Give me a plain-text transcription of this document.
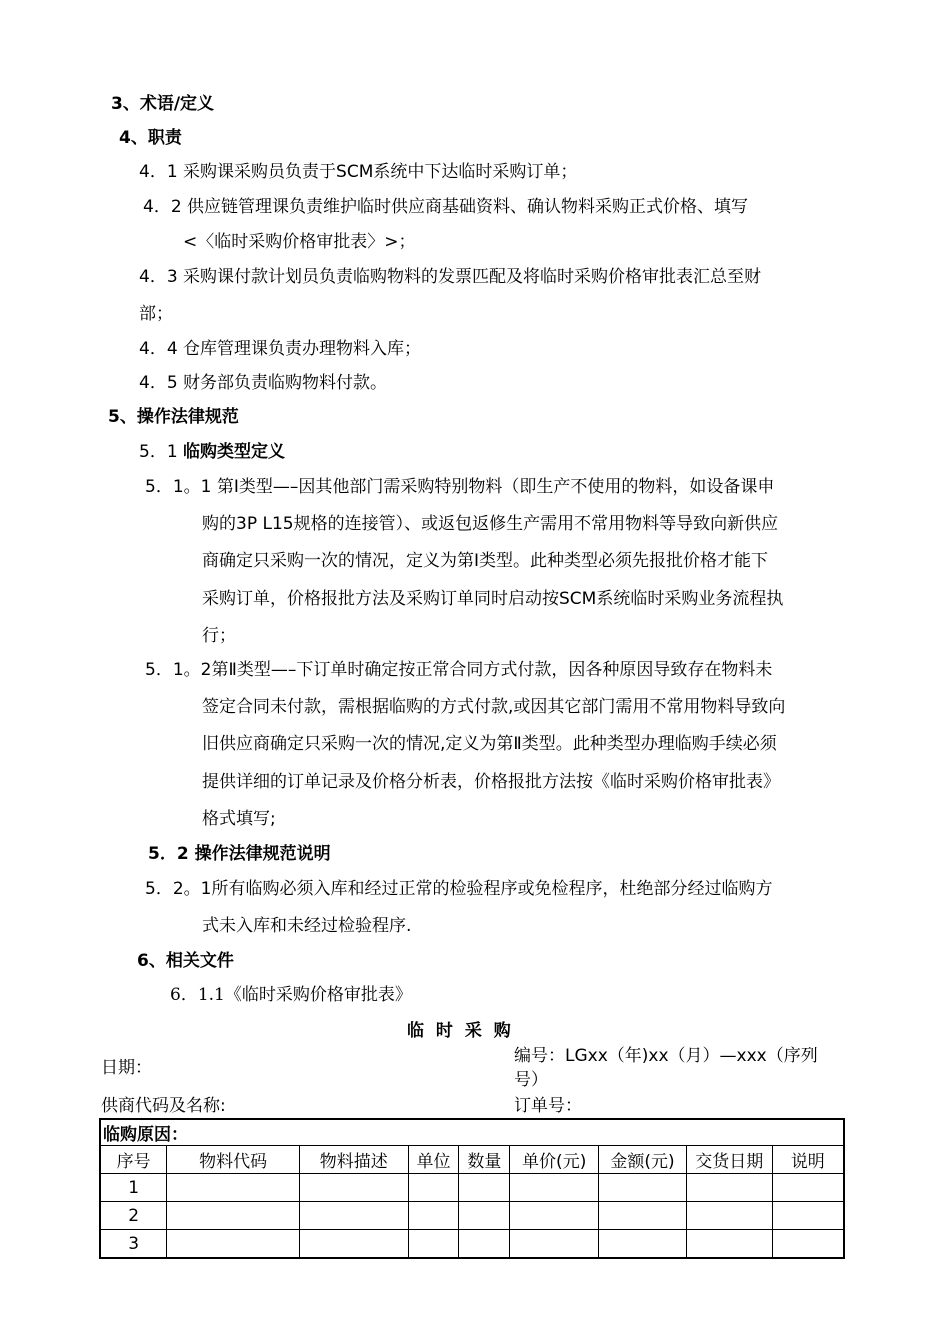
3、术语/定义
4、职责
4．1 采购课采购员负责于SCM系统中下达临时采购订单；
4．2 供应链管理课负责维护临时供应商基础资料、确认物料采购正式价格、填写
<〈临时采购价格审批表〉>；
4．3 采购课付款计划员负责临购物料的发票匹配及将临时采购价格审批表汇总至财
部；
4．4 仓库管理课负责办理物料入库；
4．5 财务部负责临购物料付款。
5、操作法律规范
5．1 临购类型定义
5．1。1 第Ⅰ类型—–因其他部门需采购特别物料（即生产不使用的物料，如设备课申
购的3P L15规格的连接管）、或返包返修生产需用不常用物料等导致向新供应
商确定只采购一次的情况，定义为第Ⅰ类型。此种类型必须先报批价格才能下
采购订单，价格报批方法及采购订单同时启动按SCM系统临时采购业务流程执
行；
5．1。2第Ⅱ类型—–下订单时确定按正常合同方式付款，因各种原因导致存在物料未
签定合同未付款，需根据临购的方式付款,或因其它部门需用不常用物料导致向
旧供应商确定只采购一次的情况,定义为第Ⅱ类型。此种类型办理临购手续必须
提供详细的订单记录及价格分析表，价格报批方法按《临时采购价格审批表》
格式填写;
5．2 操作法律规范说明
5．2。1所有临购必须入库和经过正常的检验程序或免检程序，杜绝部分经过临购方
式未入库和未经过检验程序.
6、相关文件
6．1.1《临时采购价格审批表》
临 时 采 购
日期：
编号：LGxx（年)xx（月）—xxx（序列
号）
供商代码及名称:	订单号：
临购原因：								
序号	物料代码	物料描述	单位	数量	单价(元)	金额(元)	交货日期	说明
1								
2								
3								
